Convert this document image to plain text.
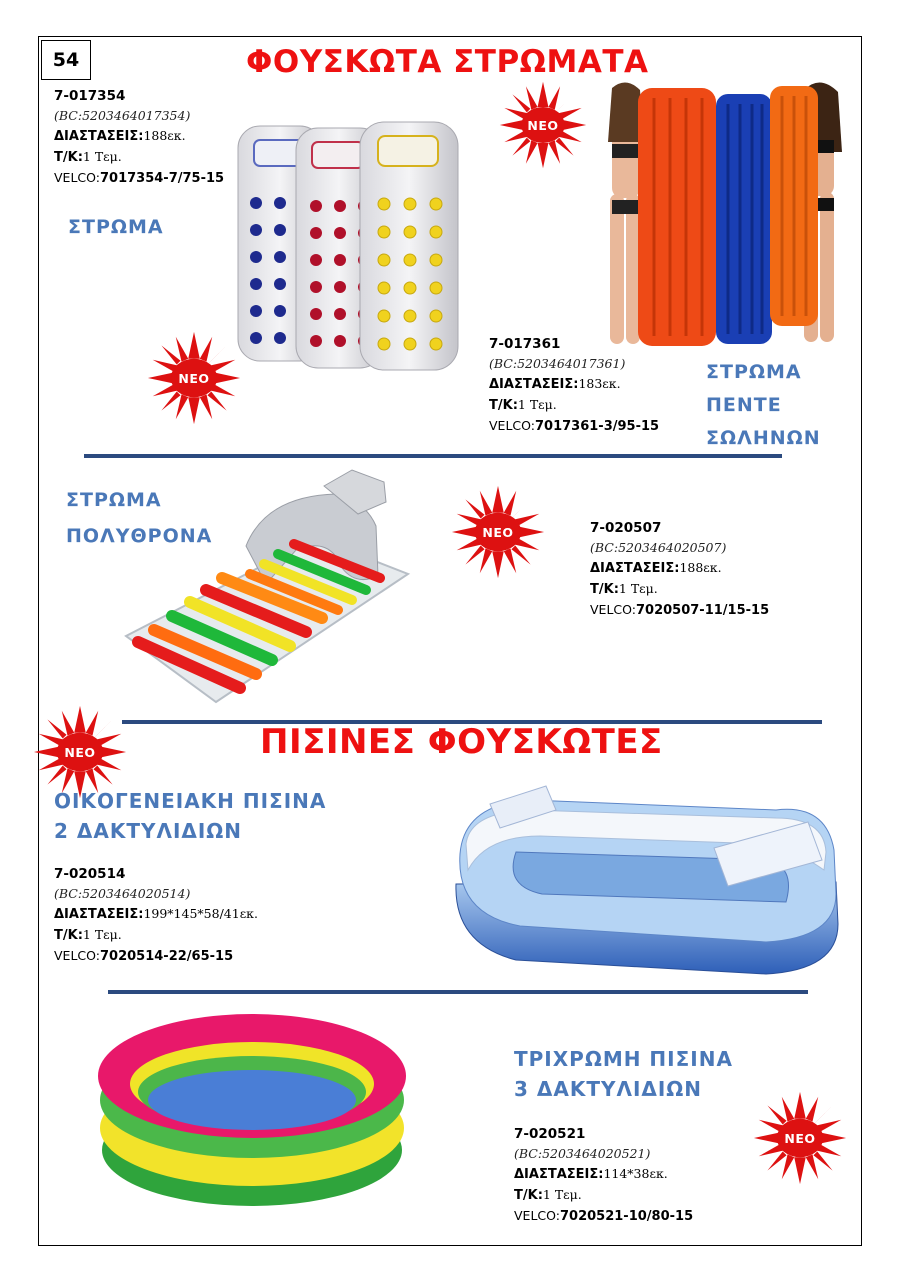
54	ΦΟΥΣΚΩΤΑ ΣΤΡΩΜΑΤΑ
7-017354
(BC:5203464017354)
ΔΙΑΣΤΑΣΕΙΣ:188εκ.
Τ/Κ:1 Τεμ.
VELCO:7017354-7/75-15
ΣΤΡΩΜΑ
ΝΕΟ
ΝΕΟ
7-017361
(BC:5203464017361)
ΔΙΑΣΤΑΣΕΙΣ:183εκ.
Τ/Κ:1 Τεμ.
VELCO:7017361-3/95-15
ΣΤΡΩΜΑ
ΠΕΝΤΕ
ΣΩΛΗΝΩΝ
ΣΤΡΩΜΑ
ΠΟΛΥΘΡΟΝΑ	ΝΕΟ	7-020507
(BC:5203464020507)
ΔΙΑΣΤΑΣΕΙΣ:188εκ.
Τ/Κ:1 Τεμ.
VELCO:7020507-11/15-15
ΝΕΟ	ΠΙΣΙΝΕΣ ΦΟΥΣΚΩΤΕΣ
ΟΙΚΟΓΕΝΕΙΑΚΗ ΠΙΣΙΝΑ
2 ΔΑΚΤΥΛΙΔΙΩΝ
7-020514
(BC:5203464020514)
ΔΙΑΣΤΑΣΕΙΣ:199*145*58/41εκ.
Τ/Κ:1 Τεμ.
VELCO:7020514-22/65-15
ΤΡΙΧΡΩΜΗ ΠΙΣΙΝΑ
3 ΔΑΚΤΥΛΙΔΙΩΝ
ΝΕΟ
7-020521
(BC:5203464020521)
ΔΙΑΣΤΑΣΕΙΣ:114*38εκ.
Τ/Κ:1 Τεμ.
VELCO:7020521-10/80-15
